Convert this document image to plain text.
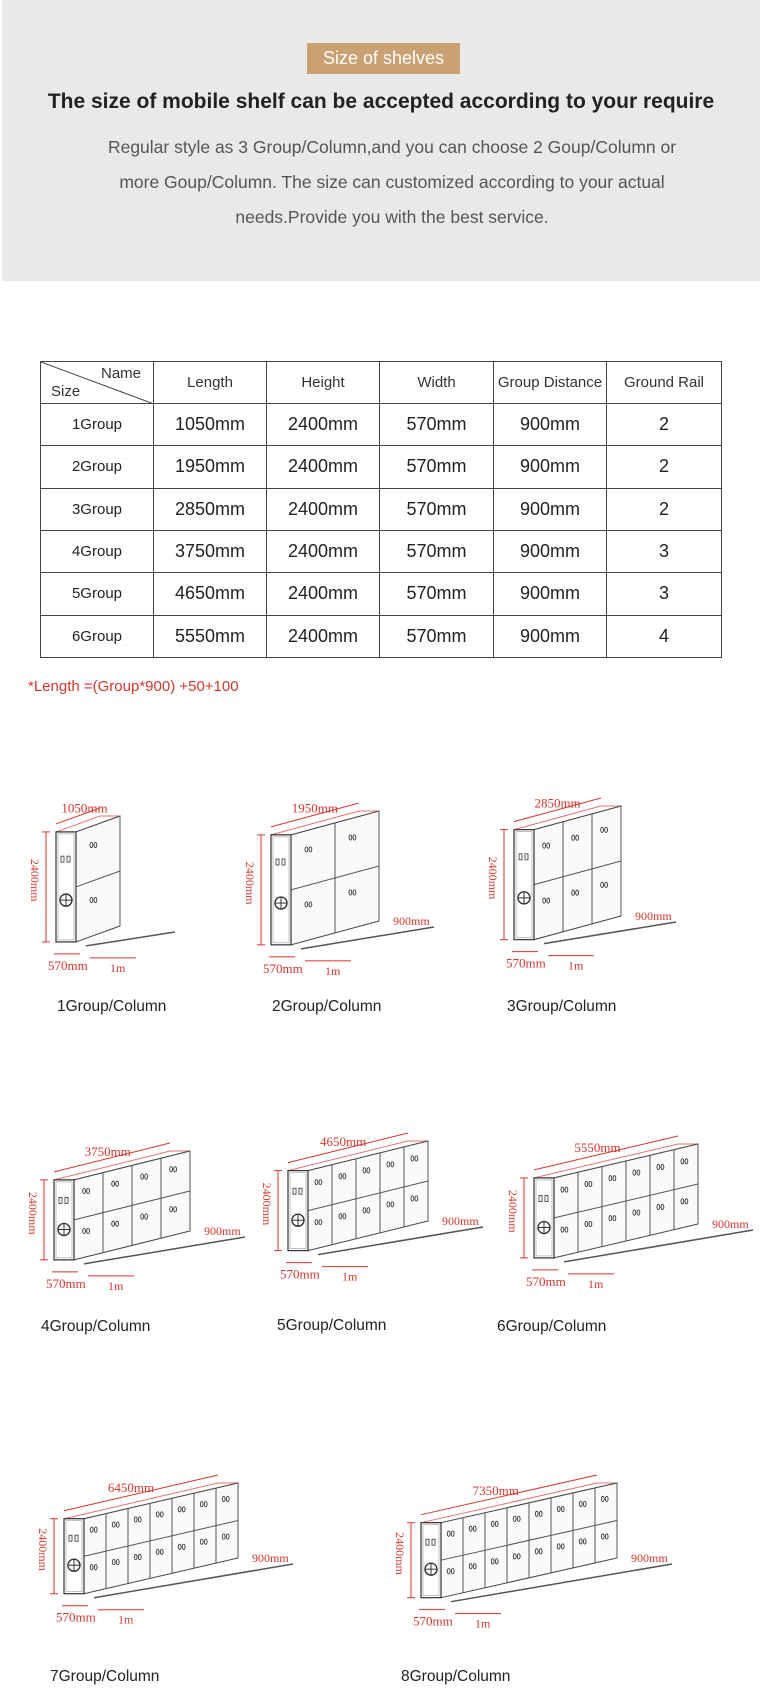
Size of shelves
The size of mobile shelf can be accepted according to your require
Regular style as 3 Group/Column,and you can choose 2 Goup/Column or
more Goup/Column. The size can customized according to your actual
needs.Provide you with the best service.
Name
Size	Length	Height	Width	Group Distance	Ground Rail
1Group	1050mm	2400mm	570mm	900mm	2
2Group	1950mm	2400mm	570mm	900mm	2
3Group	2850mm	2400mm	570mm	900mm	2
4Group	3750mm	2400mm	570mm	900mm	3
5Group	4650mm	2400mm	570mm	900mm	3
6Group	5550mm	2400mm	570mm	900mm	4
*Length =(Group*900) +50+100
2400mm
1050mm
570mm 1m
2400mm
1950mm
570mm 1m
900mm
2400mm
2850mm
570mm 1m
900mm
2400mm
3750mm
570mm 1m
900mm
2400mm
4650mm
570mm 1m
900mm 2400mm
5550mm
570mm 1m
900mm
2400mm
6450mm
570mm 1m
900mm	2400mm
7350mm
570mm 1m
900mm
1Group/Column	2Group/Column	3Group/Column
4Group/Column	5Group/Column	6Group/Column
7Group/Column	8Group/Column
